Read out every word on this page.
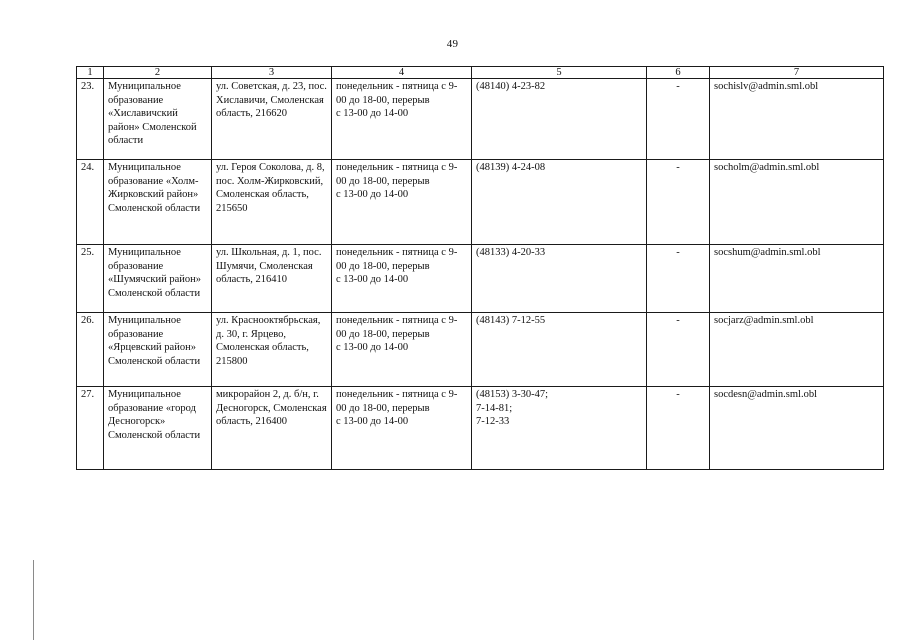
49
1	2	3	4	5	6	7
23.	Муниципальное образование «Хиславичский район» Смоленской области	ул. Советская, д. 23, пос. Хиславичи, Смоленская область, 216620	понедельник - пятница с 9-00 до 18-00, перерыв
с 13-00 до 14-00	(48140) 4-23-82	-	sochislv@admin.sml.obl
24.	Муниципальное образование «Холм-Жирковский район» Смоленской области	ул. Героя Соколова, д. 8, пос. Холм-Жирковский, Смоленская область, 215650	понедельник - пятница с 9-00 до 18-00, перерыв
с 13-00 до 14-00	(48139) 4-24-08	-	socholm@admin.sml.obl
25.	Муниципальное образование «Шумячский район» Смоленской области	ул. Школьная, д. 1, пос. Шумячи, Смоленская область, 216410	понедельник - пятница с 9-00 до 18-00, перерыв
с 13-00 до 14-00	(48133) 4-20-33	-	socshum@admin.sml.obl
26.	Муниципальное образование «Ярцевский район» Смоленской области	ул. Краснооктябрьская, д. 30, г. Ярцево, Смоленская область, 215800	понедельник - пятница с 9-00 до 18-00, перерыв
с 13-00 до 14-00	(48143) 7-12-55	-	socjarz@admin.sml.obl
27.	Муниципальное образование «город Десногорск» Смоленской области	микрорайон 2, д. б/н, г. Десногорск, Смоленская область, 216400	понедельник - пятница с 9-00 до 18-00, перерыв
с 13-00 до 14-00	(48153) 3-30-47;
7-14-81;
7-12-33	-	socdesn@admin.sml.obl
